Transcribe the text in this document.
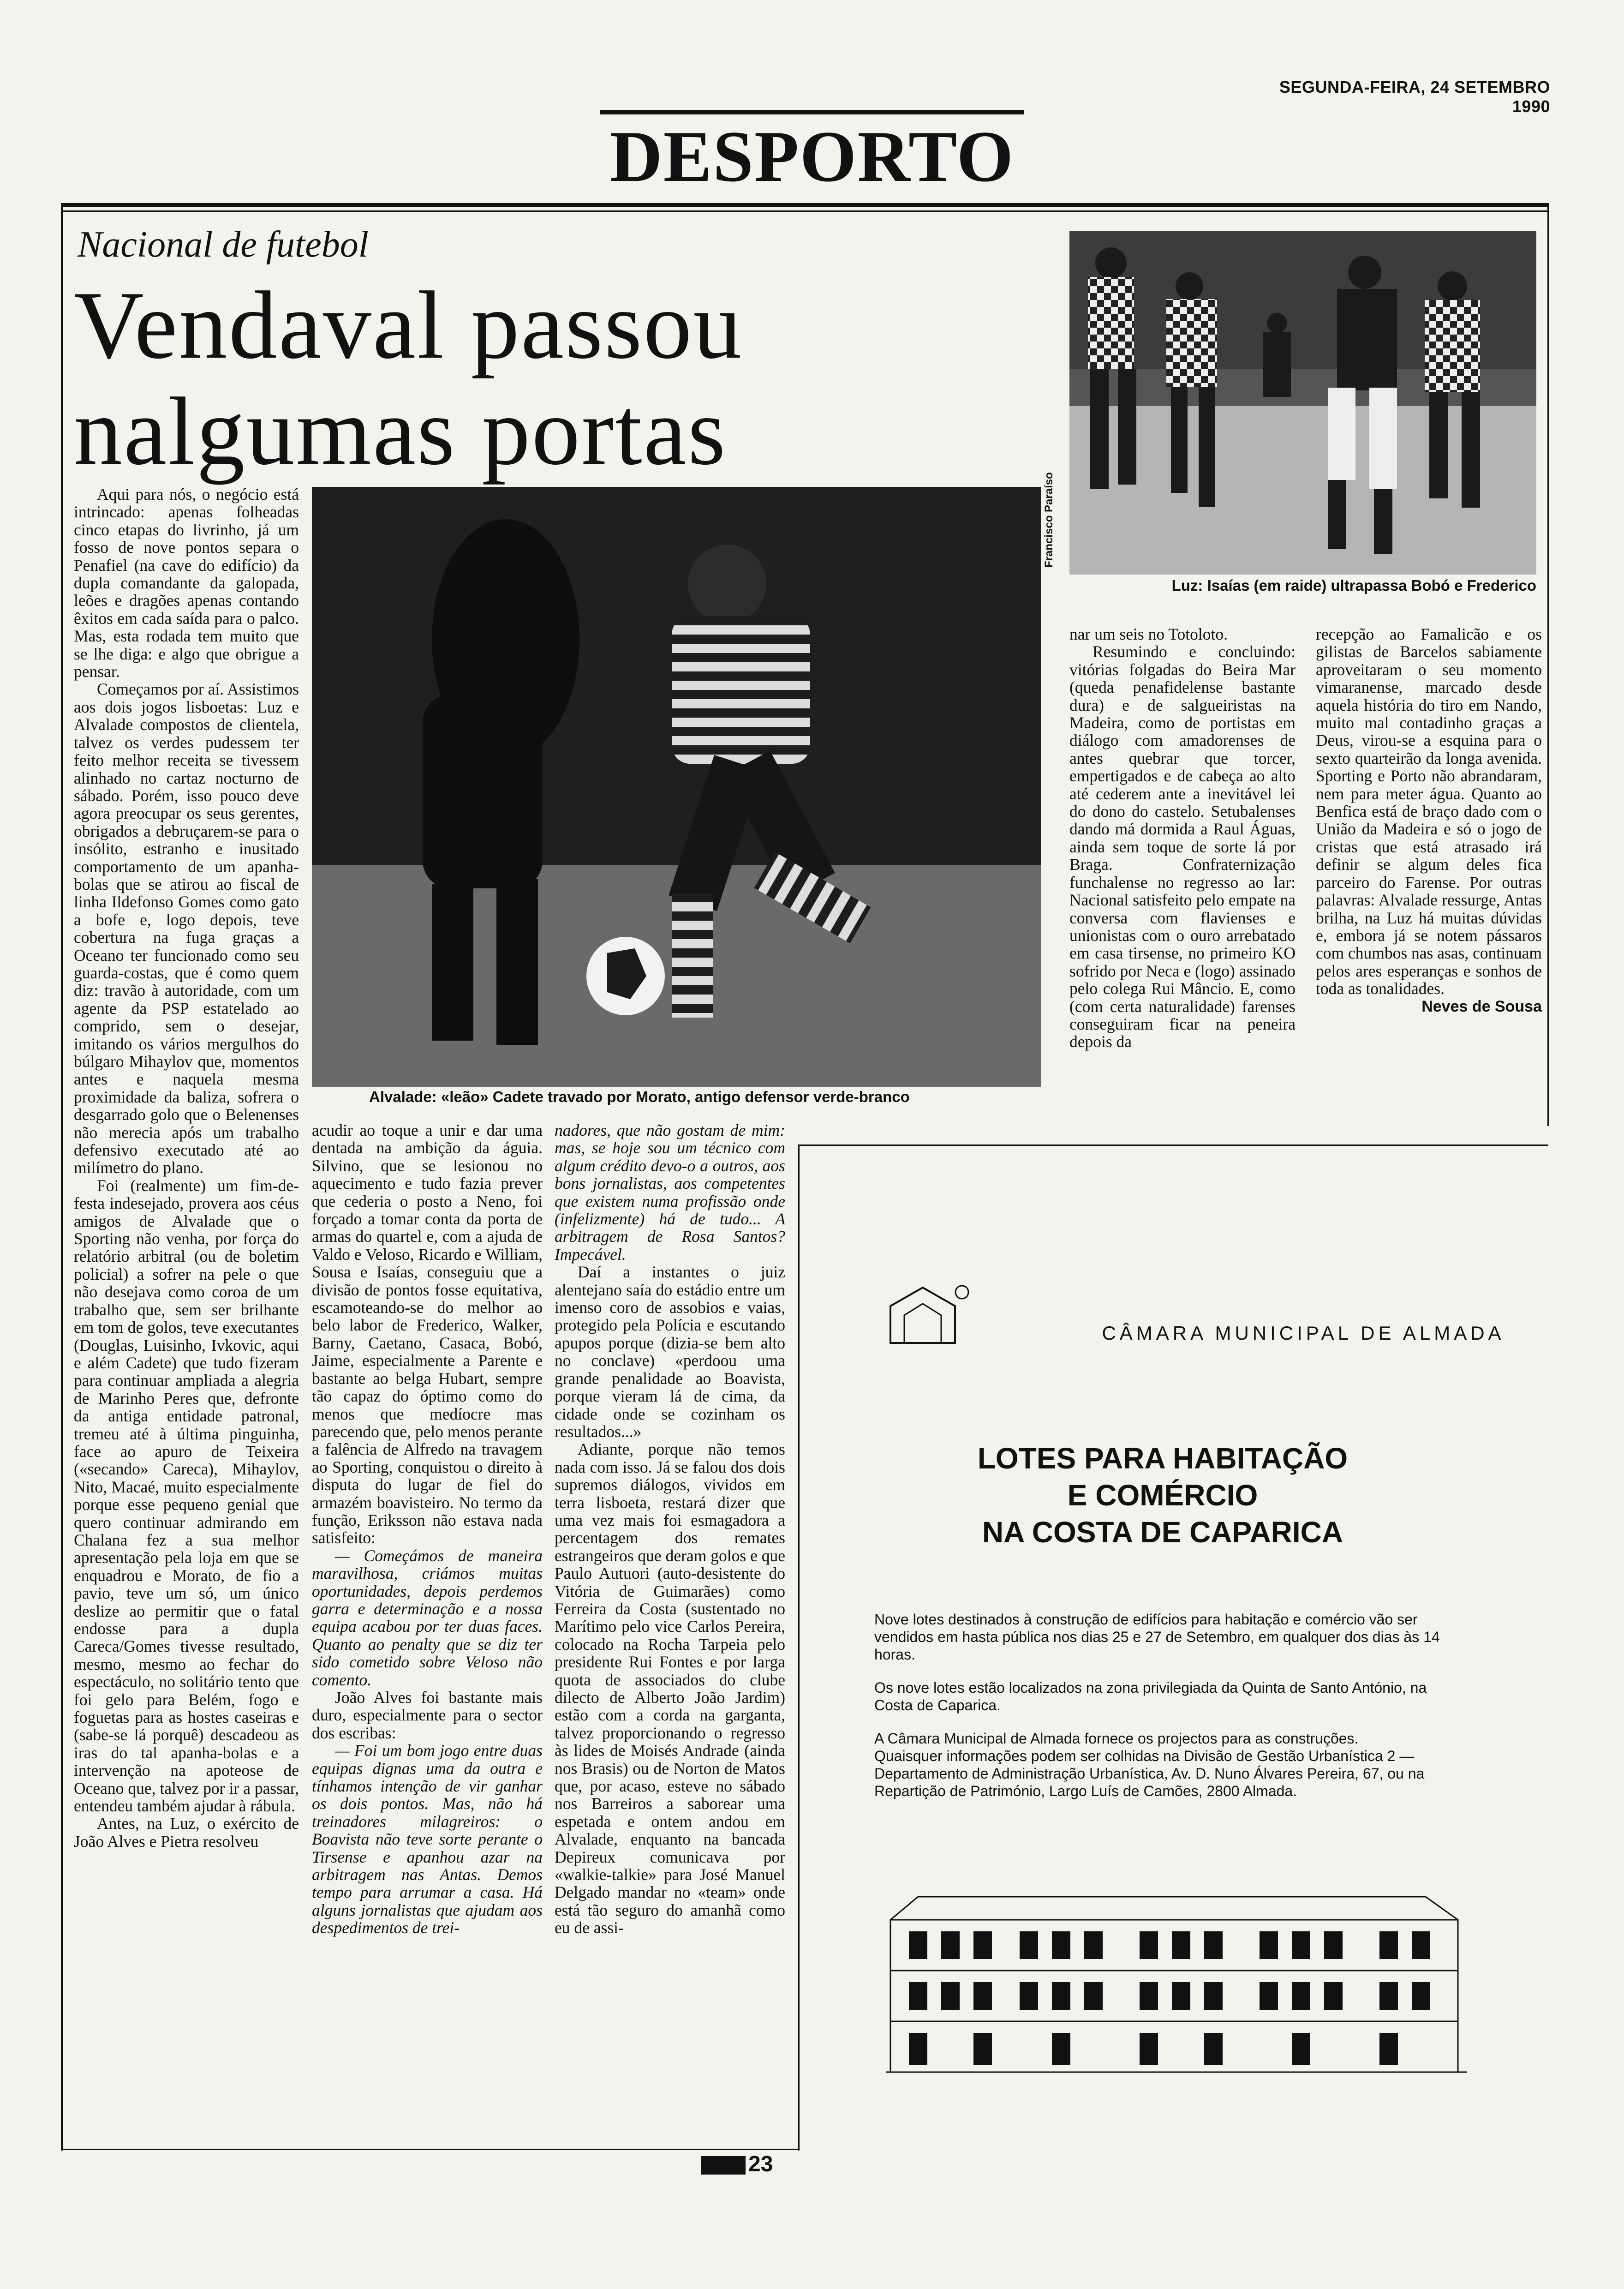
SEGUNDA-FEIRA, 24 SETEMBRO 1990
DESPORTO
Nacional de futebol
Vendaval passou
nalgumas portas
Francisco Paraíso
Luz: Isaías (em raide) ultrapassa Bobó e Frederico
Alvalade: «leão» Cadete travado por Morato, antigo defensor verde-branco

Aqui para nós, o negócio está intrincado: apenas folheadas cinco etapas do livrinho, já um fosso de nove pontos separa o Penafiel (na cave do edifício) da dupla comandante da galopada, leões e dragões apenas contando êxitos em cada saída para o palco. Mas, esta rodada tem muito que se lhe diga: e algo que obrigue a pensar.

Começamos por aí. Assistimos aos dois jogos lisboetas: Luz e Alvalade compostos de clientela, talvez os verdes pudessem ter feito melhor receita se tivessem alinhado no cartaz nocturno de sábado. Porém, isso pouco deve agora preocupar os seus gerentes, obrigados a debruçarem-se para o insólito, estranho e inusitado comportamento de um apanha-bolas que se atirou ao fiscal de linha Ildefonso Gomes como gato a bofe e, logo depois, teve cobertura na fuga graças a Oceano ter funcionado como seu guarda-costas, que é como quem diz: travão à autoridade, com um agente da PSP estatelado ao comprido, sem o desejar, imitando os vários mergulhos do búlgaro Mihaylov que, momentos antes e naquela mesma proximidade da baliza, sofrera o desgarrado golo que o Belenenses não merecia após um trabalho defensivo executado até ao milímetro do plano.

Foi (realmente) um fim-de-festa indesejado, provera aos céus amigos de Alvalade que o Sporting não venha, por força do relatório arbitral (ou de boletim policial) a sofrer na pele o que não desejava como coroa de um trabalho que, sem ser brilhante em tom de golos, teve executantes (Douglas, Luisinho, Ivkovic, aqui e além Cadete) que tudo fizeram para continuar ampliada a alegria de Marinho Peres que, defronte da antiga entidade patronal, tremeu até à última pinguinha, face ao apuro de Teixeira («secando» Careca), Mihaylov, Nito, Macaé, muito especialmente porque esse pequeno genial que quero continuar admirando em Chalana fez a sua melhor apresentação pela loja em que se enquadrou e Morato, de fio a pavio, teve um só, um único deslize ao permitir que o fatal endosse para a dupla Careca/Gomes tivesse resultado, mesmo, mesmo ao fechar do espectáculo, no solitário tento que foi gelo para Belém, fogo e foguetas para as hostes caseiras e (sabe-se lá porquê) descadeou as iras do tal apanha-bolas e a intervenção na apoteose de Oceano que, talvez por ir a passar, entendeu também ajudar à rábula.

Antes, na Luz, o exército de João Alves e Pietra resolveu

acudir ao toque a unir e dar uma dentada na ambição da águia. Silvino, que se lesionou no aquecimento e tudo fazia prever que cederia o posto a Neno, foi forçado a tomar conta da porta de armas do quartel e, com a ajuda de Valdo e Veloso, Ricardo e William, Sousa e Isaías, conseguiu que a divisão de pontos fosse equitativa, escamoteando-se do melhor ao belo labor de Frederico, Walker, Barny, Caetano, Casaca, Bobó, Jaime, especialmente a Parente e bastante ao belga Hubart, sempre tão capaz do óptimo como do menos que medíocre mas parecendo que, pelo menos perante a falência de Alfredo na travagem ao Sporting, conquistou o direito à disputa do lugar de fiel do armazém boavisteiro. No termo da função, Eriksson não estava nada satisfeito:

— Começámos de maneira maravilhosa, criámos muitas oportunidades, depois perdemos garra e determinação e a nossa equipa acabou por ter duas faces. Quanto ao penalty que se diz ter sido cometido sobre Veloso não comento.

João Alves foi bastante mais duro, especialmente para o sector dos escribas:

— Foi um bom jogo entre duas equipas dignas uma da outra e tínhamos intenção de vir ganhar os dois pontos. Mas, não há treinadores milagreiros: o Boavista não teve sorte perante o Tirsense e apanhou azar na arbitragem nas Antas. Demos tempo para arrumar a casa. Há alguns jornalistas que ajudam aos despedimentos de trei-

nadores, que não gostam de mim: mas, se hoje sou um técnico com algum crédito devo-o a outros, aos bons jornalistas, aos competentes que existem numa profissão onde (infelizmente) há de tudo... A arbitragem de Rosa Santos? Impecável.

Daí a instantes o juiz alentejano saía do estádio entre um imenso coro de assobios e vaias, protegido pela Polícia e escutando apupos porque (dizia-se bem alto no conclave) «perdoou uma grande penalidade ao Boavista, porque vieram lá de cima, da cidade onde se cozinham os resultados...»

Adiante, porque não temos nada com isso. Já se falou dos dois supremos diálogos, vividos em terra lisboeta, restará dizer que uma vez mais foi esmagadora a percentagem dos remates estrangeiros que deram golos e que Paulo Autuori (auto-desistente do Vitória de Guimarães) como Ferreira da Costa (sustentado no Marítimo pelo vice Carlos Pereira, colocado na Rocha Tarpeia pelo presidente Rui Fontes e por larga quota de associados do clube dilecto de Alberto João Jardim) estão com a corda na garganta, talvez proporcionando o regresso às lides de Moisés Andrade (ainda nos Brasis) ou de Norton de Matos que, por acaso, esteve no sábado nos Barreiros a saborear uma espetada e ontem andou em Alvalade, enquanto na bancada Depireux comunicava por «walkie-talkie» para José Manuel Delgado mandar no «team» onde está tão seguro do amanhã como eu de assi-

nar um seis no Totoloto.

Resumindo e concluindo: vitórias folgadas do Beira Mar (queda penafidelense bastante dura) e de salgueiristas na Madeira, como de portistas em diálogo com amadorenses de antes quebrar que torcer, empertigados e de cabeça ao alto até cederem ante a inevitável lei do dono do castelo. Setubalenses dando má dormida a Raul Águas, ainda sem toque de sorte lá por Braga. Confraternização funchalense no regresso ao lar: Nacional satisfeito pelo empate na conversa com flavienses e unionistas com o ouro arrebatado em casa tirsense, no primeiro KO sofrido por Neca e (logo) assinado pelo colega Rui Mâncio. E, como (com certa naturalidade) farenses conseguiram ficar na peneira depois da

recepção ao Famalicão e os gilistas de Barcelos sabiamente aproveitaram o seu momento vimaranense, marcado desde aquela história do tiro em Nando, muito mal contadinho graças a Deus, virou-se a esquina para o sexto quarteirão da longa avenida. Sporting e Porto não abrandaram, nem para meter água. Quanto ao Benfica está de braço dado com o União da Madeira e só o jogo de cristas que está atrasado irá definir se algum deles fica parceiro do Farense. Por outras palavras: Alvalade ressurge, Antas brilha, na Luz há muitas dúvidas e, embora já se notem pássaros com chumbos nas asas, continuam pelos ares esperanças e sonhos de toda as tonalidades.

Neves de Sousa

CÂMARA MUNICIPAL DE ALMADA
LOTES PARA HABITAÇÃO
E COMÉRCIO
NA COSTA DE CAPARICA

Nove lotes destinados à construção de edifícios para habitação e comércio vão ser vendidos em hasta pública nos dias 25 e 27 de Setembro, em qualquer dos dias às 14 horas.

Os nove lotes estão localizados na zona privilegiada da Quinta de Santo António, na Costa de Caparica.

A Câmara Municipal de Almada fornece os projectos para as construções.

Quaisquer informações podem ser colhidas na Divisão de Gestão Urbanística 2 — Departamento de Administração Urbanística, Av. D. Nuno Álvares Pereira, 67, ou na Repartição de Património, Largo Luís de Camões, 2800 Almada.

23
